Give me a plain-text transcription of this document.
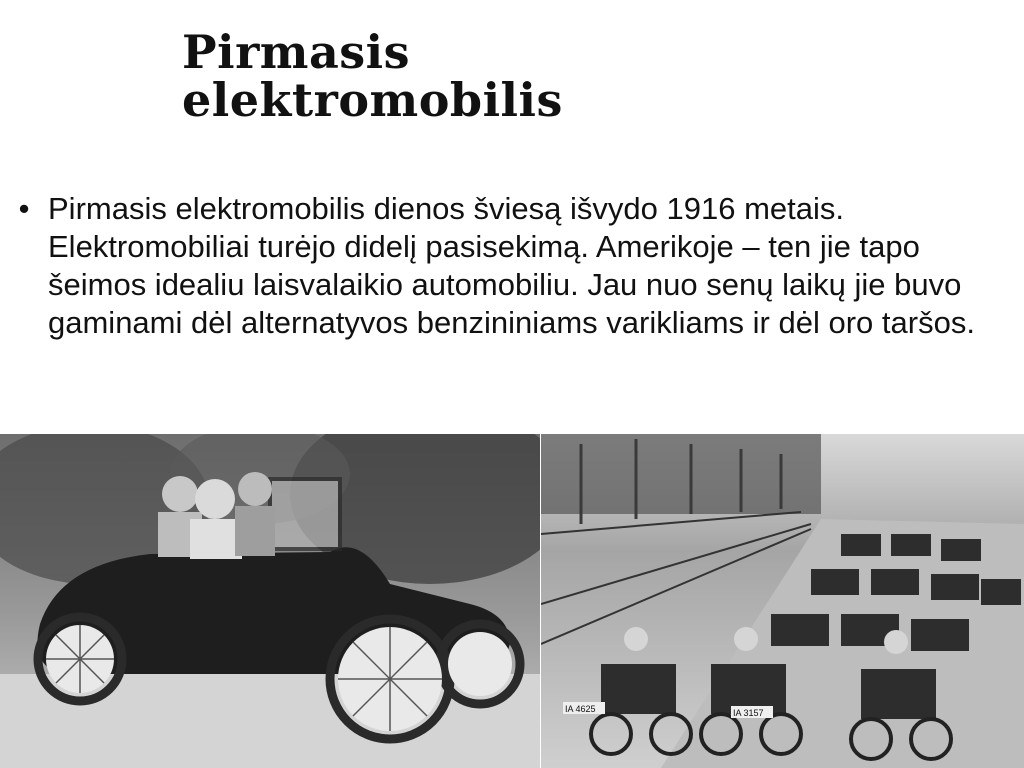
Pirmasis
elektromobilis
• Pirmasis elektromobilis dienos šviesą išvydo 1916 metais. Elektromobiliai turėjo didelį pasisekimą. Amerikoje – ten jie tapo šeimos idealiu laisvalaikio automobiliu. Jau nuo senų laikų jie buvo gaminami dėl alternatyvos benzininiams varikliams ir dėl oro taršos.
IA 4625	IA 3157
